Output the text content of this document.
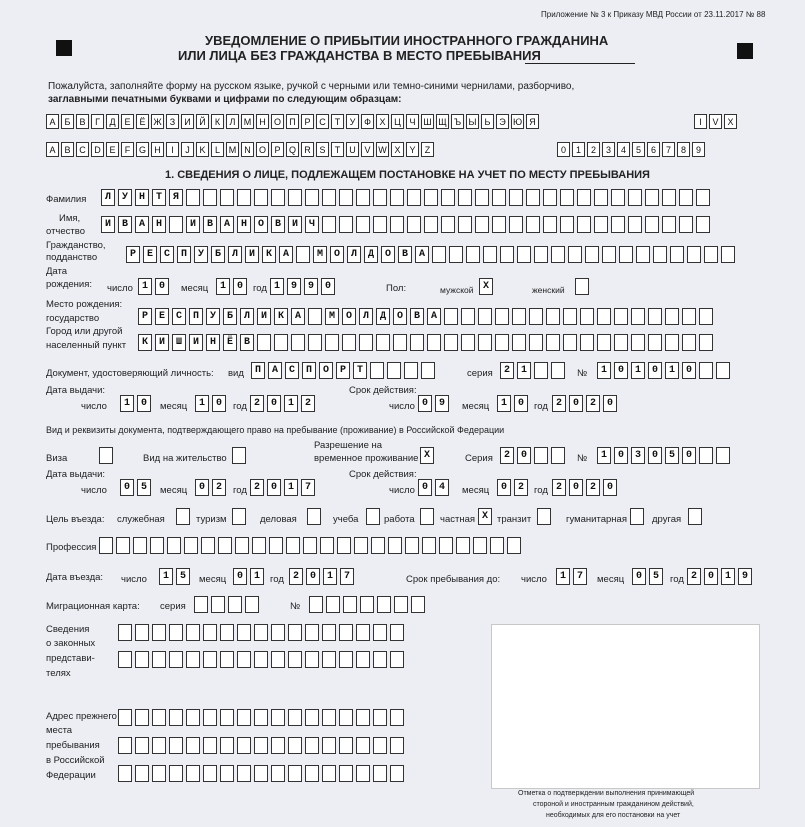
Приложение № 3 к Приказу МВД России от 23.11.2017 № 88
УВЕДОМЛЕНИЕ О ПРИБЫТИИ ИНОСТРАННОГО ГРАЖДАНИНА
ИЛИ ЛИЦА БЕЗ ГРАЖДАНСТВА В МЕСТО ПРЕБЫВАНИЯ
Пожалуйста, заполняйте форму на русском языке, ручкой с черными или темно-синими чернилами, разборчиво,
заглавными печатными буквами и цифрами по следующим образцам:
А	Б	В	Г	Д Е Ё Ж З	И Й	К	Л М Н О П Р С	Т	У Ф Х Ц Ч Ш Щ Ъ Ы Ь Э Ю Я	I	V X
A B C D E	F G H	I	J	K	L M N O P Q R S	T	U V W X Y	Z	0	1	2	3	4	5	6	7	8	9
1. СВЕДЕНИЯ О ЛИЦЕ, ПОДЛЕЖАЩЕМ ПОСТАНОВКЕ НА УЧЕТ ПО МЕСТУ ПРЕБЫВАНИЯ
Фамилия	Л	У	Н	Т	Я
Имя,
отчество
И	В	А	Н	И	В	А	Н	О	В	И	Ч
Гражданство,
подданство	Р	Е	С	П	У	Б	Л	И	К	А	М	О	Л	Д	О	В	А
Дата
рождения: число 1	0	месяц	1	0	год 1	9	9	0	Пол:	мужской X	женский
Место рождения:
государство	Р	Е	С	П	У	Б	Л	И	К	А	М	О	Л	Д	О	В	А
Город или другой
населенный пункт	К	И	Ш	И	Н	Ё	В
Документ, удостоверяющий личность: вид	П	А	С	П	О	Р	Т	серия	2	1	№	1	0	1	0	1	0
Дата выдачи:
число	1	0	месяц	1	0	год 2	0	1	2
Срок действия:
число 0	9	месяц	1	0	год 2	0	2	0
Вид и реквизиты документа, подтверждающего право на пребывание (проживание) в Российской Федерации
Виза	Вид на жительство
Разрешение на
временное проживание X	Серия	2	0	№	1	0	3	0	5	0
Дата выдачи:
число	0	5	месяц	0	2	год 2	0	1	7
Срок действия:
число 0	4	месяц	0	2	год 2	0	2	0
Цель въезда: служебная	туризм	деловая	учеба	работа	частная X транзит	гуманитарная	другая
Профессия
Дата въезда: число	1	5	месяц	0	1	год 2	0	1	7	Срок пребывания до: число	1	7	месяц	0	5	год 2	0	1	9
Миграционная карта: серия	№
Сведения
о законных
представи-
телях
Адрес прежнего
места
пребывания
в Российской
Федерации
Отметка о подтверждении выполнения принимающей
стороной и иностранным гражданином действий,
необходимых для его постановки на учет
